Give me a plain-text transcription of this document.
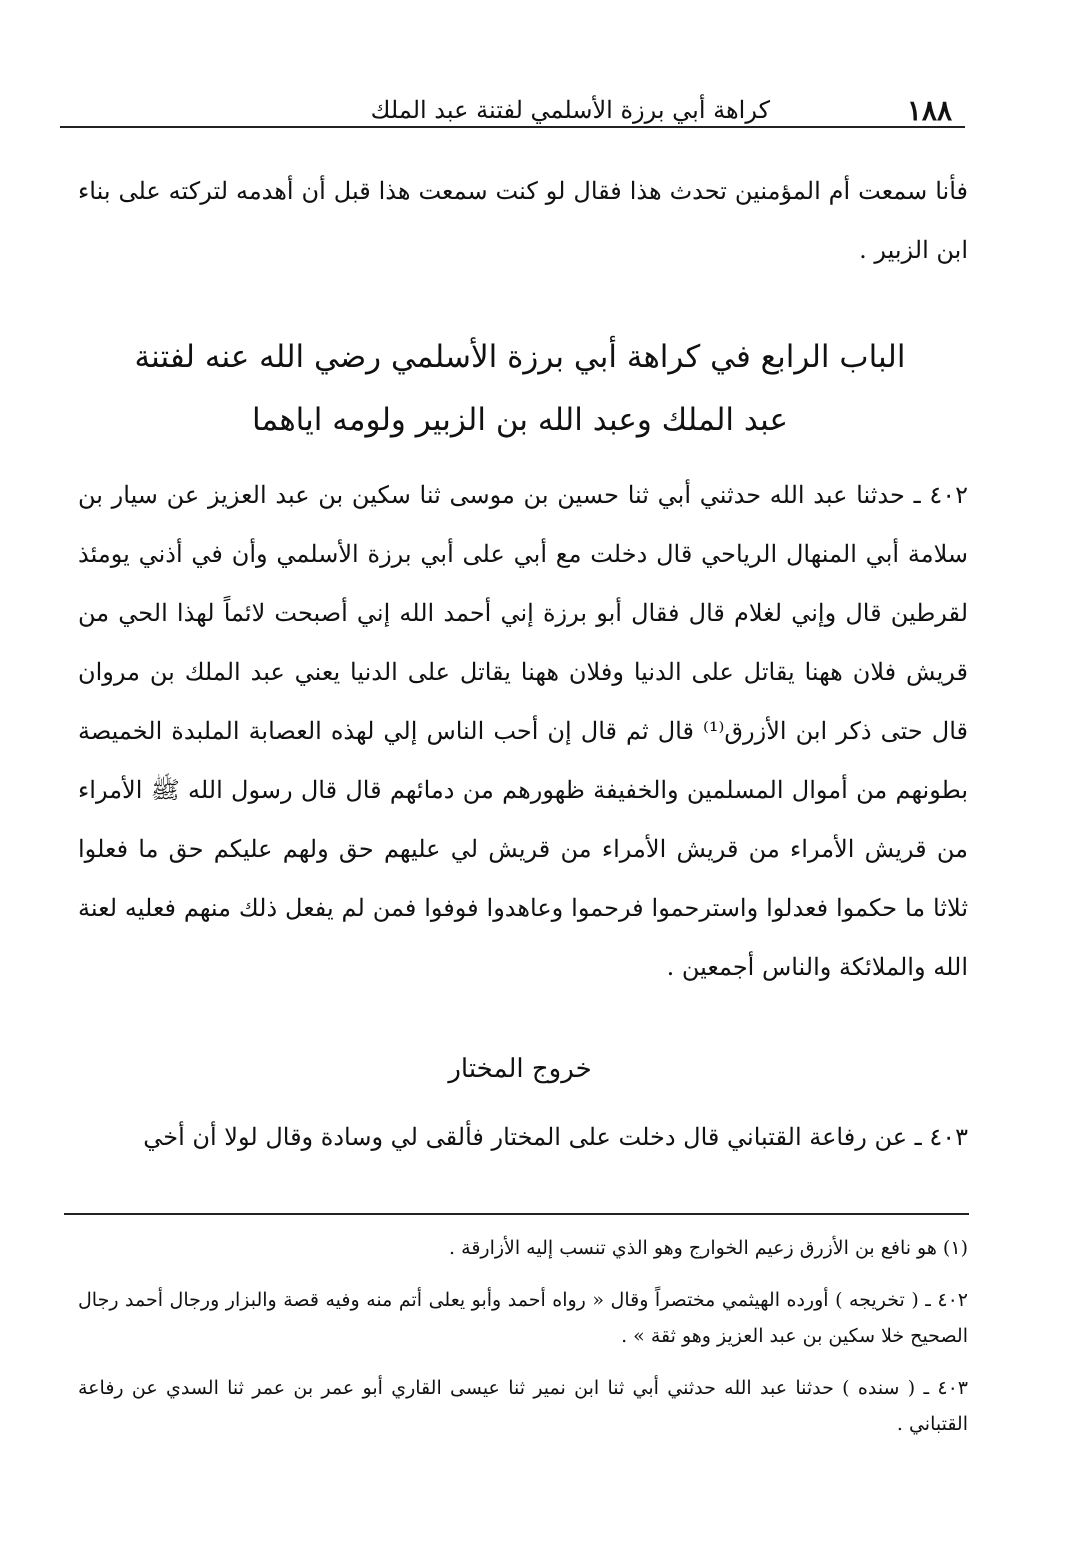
١٨٨
كراهة أبي برزة الأسلمي لفتنة عبد الملك

فأنا سمعت أم المؤمنين تحدث هذا فقال لو كنت سمعت هذا قبل أن أهدمه لتركته على بناء ابن الزبير .

الباب الرابع في كراهة أبي برزة الأسلمي رضي الله عنه لفتنة
عبد الملك وعبد الله بن الزبير ولومه اياهما

٤٠٢ ـ حدثنا عبد الله حدثني أبي ثنا حسين بن موسى ثنا سكين بن عبد العزيز عن سيار بن سلامة أبي المنهال الرياحي قال دخلت مع أبي على أبي برزة الأسلمي وأن في أذني يومئذ لقرطين قال وإني لغلام قال فقال أبو برزة إني أحمد الله إني أصبحت لائماً لهذا الحي من قريش فلان ههنا يقاتل على الدنيا وفلان ههنا يقاتل على الدنيا يعني عبد الملك بن مروان قال حتى ذكر ابن الأزرق⁽¹⁾ قال ثم قال إن أحب الناس إلي لهذه العصابة الملبدة الخميصة بطونهم من أموال المسلمين والخفيفة ظهورهم من دمائهم قال قال رسول الله ﷺ الأمراء من قريش الأمراء من قريش الأمراء من قريش لي عليهم حق ولهم عليكم حق ما فعلوا ثلاثا ما حكموا فعدلوا واسترحموا فرحموا وعاهدوا فوفوا فمن لم يفعل ذلك منهم فعليه لعنة الله والملائكة والناس أجمعين .

خروج المختار

٤٠٣ ـ عن رفاعة القتباني قال دخلت على المختار فألقى لي وسادة وقال لولا أن أخي

(١) هو نافع بن الأزرق زعيم الخوارج وهو الذي تنسب إليه الأزارقة .
٤٠٢ ـ ( تخريجه ) أورده الهيثمي مختصراً وقال « رواه أحمد وأبو يعلى أتم منه وفيه قصة والبزار ورجال أحمد رجال الصحيح خلا سكين بن عبد العزيز وهو ثقة » .
٤٠٣ ـ ( سنده ) حدثنا عبد الله حدثني أبي ثنا ابن نمير ثنا عيسى القاري أبو عمر بن عمر ثنا السدي عن رفاعة القتباني .
